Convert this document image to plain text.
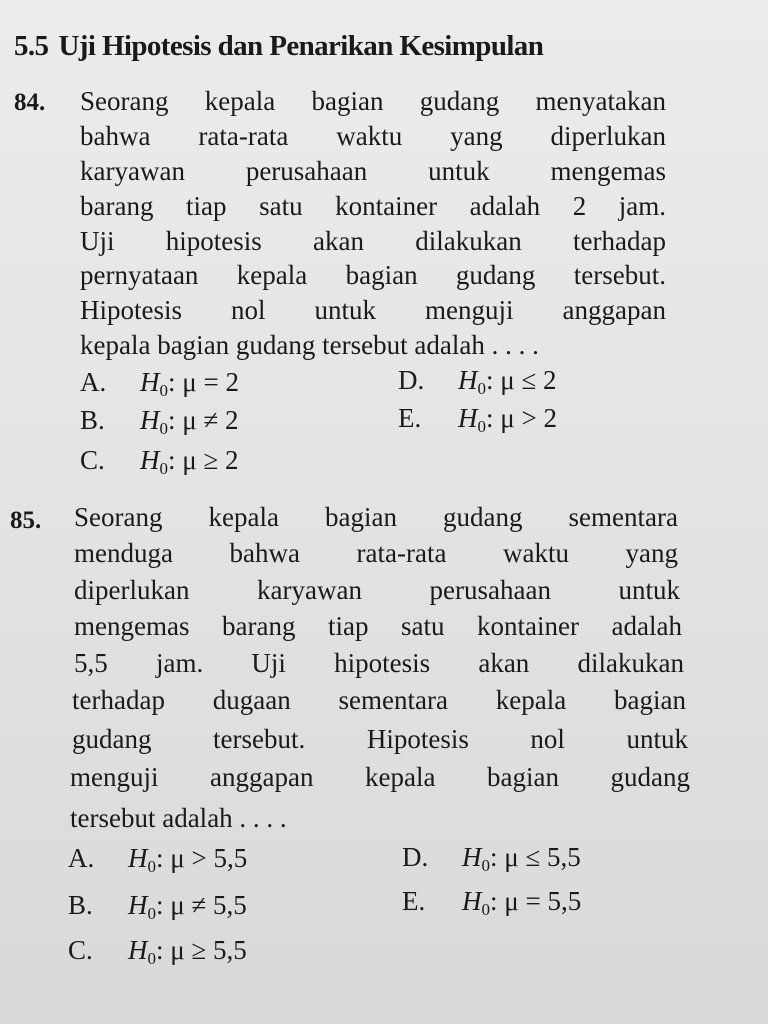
5.5 Uji Hipotesis dan Penarikan Kesimpulan
84. Seorang kepala bagian gudang menyatakan
bahwa rata-rata waktu yang diperlukan
karyawan perusahaan untuk mengemas
barang tiap satu kontainer adalah 2 jam.
Uji hipotesis akan dilakukan terhadap
pernyataan kepala bagian gudang tersebut.
Hipotesis nol untuk menguji anggapan
kepala bagian gudang tersebut adalah . . . .
A. $H_0$: μ = 2
B. $H_0$: μ ≠ 2
C. $H_0$: μ ≥ 2
D. $H_0$: μ ≤ 2
E. $H_0$: μ > 2
85. Seorang kepala bagian gudang sementara
menduga bahwa rata-rata waktu yang
diperlukan karyawan perusahaan untuk
mengemas barang tiap satu kontainer adalah
5,5 jam. Uji hipotesis akan dilakukan
terhadap dugaan sementara kepala bagian
gudang tersebut. Hipotesis nol untuk
menguji anggapan kepala bagian gudang
tersebut adalah . . . .
A. $H_0$: μ > 5,5
B. $H_0$: μ ≠ 5,5
C. $H_0$: μ ≥ 5,5
D. $H_0$: μ ≤ 5,5
E. $H_0$: μ = 5,5
